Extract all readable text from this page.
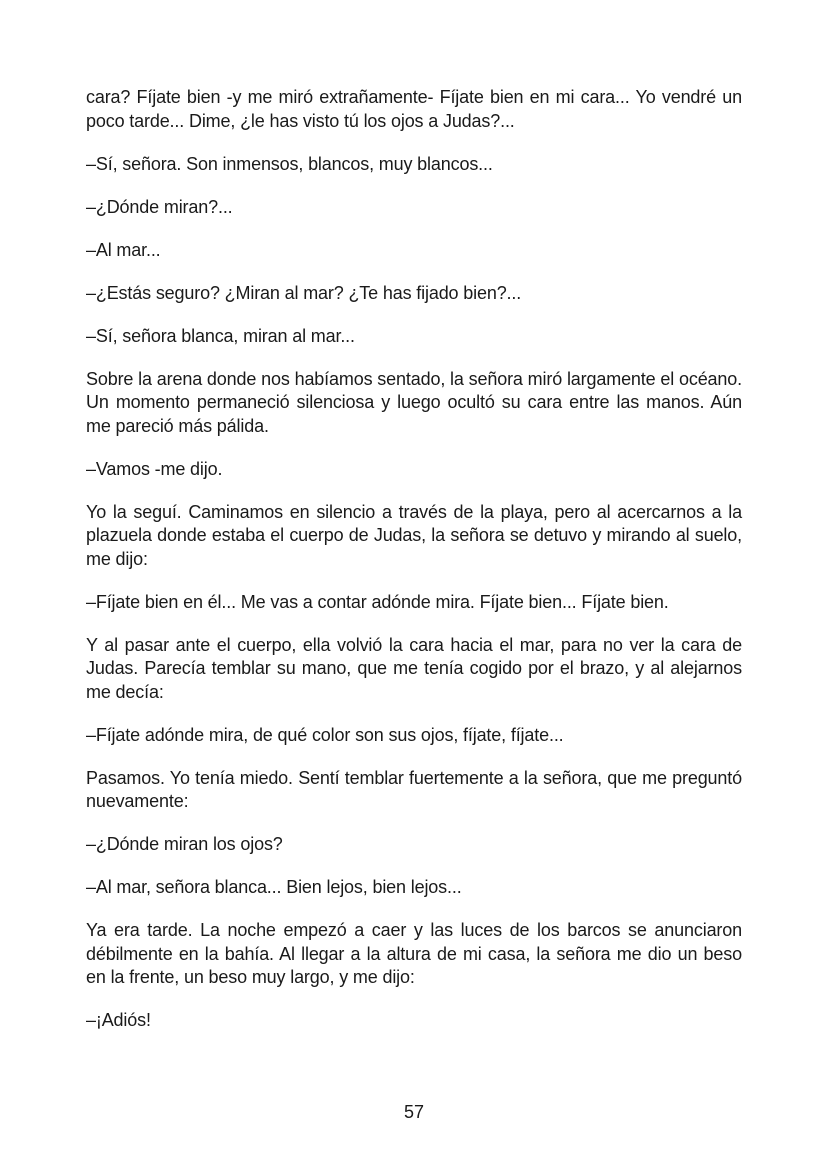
cara? Fíjate bien -y me miró extrañamente- Fíjate bien en mi cara... Yo vendré un poco tarde... Dime, ¿le has visto tú los ojos a Judas?...

–Sí, señora. Son inmensos, blancos, muy blancos...

–¿Dónde miran?...

–Al mar...

–¿Estás seguro? ¿Miran al mar? ¿Te has fijado bien?...

–Sí, señora blanca, miran al mar...

Sobre la arena donde nos habíamos sentado, la señora miró largamente el océano. Un momento permaneció silenciosa y luego ocultó su cara entre las manos. Aún me pareció más pálida.

–Vamos -me dijo.

Yo la seguí. Caminamos en silencio a través de la playa, pero al acercarnos a la plazuela donde estaba el cuerpo de Judas, la señora se detuvo y mirando al suelo, me dijo:

–Fíjate bien en él... Me vas a contar adónde mira. Fíjate bien... Fíjate bien.

Y al pasar ante el cuerpo, ella volvió la cara hacia el mar, para no ver la cara de Judas. Parecía temblar su mano, que me tenía cogido por el brazo, y al alejarnos me decía:

–Fíjate adónde mira, de qué color son sus ojos, fíjate, fíjate...

Pasamos. Yo tenía miedo. Sentí temblar fuertemente a la señora, que me preguntó nuevamente:

–¿Dónde miran los ojos?

–Al mar, señora blanca... Bien lejos, bien lejos...

Ya era tarde. La noche empezó a caer y las luces de los barcos se anunciaron débilmente en la bahía. Al llegar a la altura de mi casa, la señora me dio un beso en la frente, un beso muy largo, y me dijo:

–¡Adiós!

57
